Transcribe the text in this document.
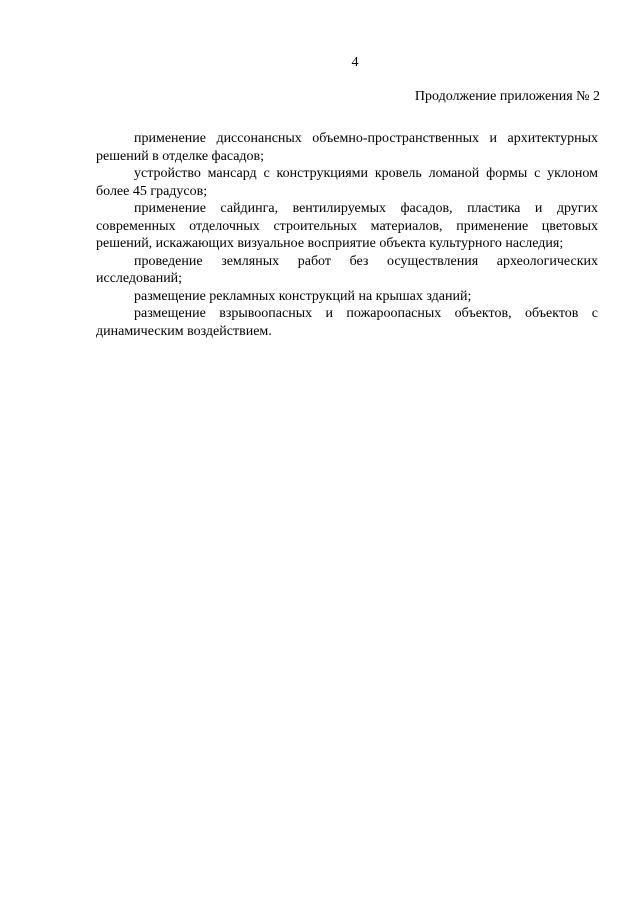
4
Продолжение приложения № 2

применение диссонансных объемно-пространственных и архитектурных решений в отделке фасадов;

устройство мансард с конструкциями кровель ломаной формы с уклоном более 45 градусов;

применение сайдинга, вентилируемых фасадов, пластика и других современных отделочных строительных материалов, применение цветовых решений, искажающих визуальное восприятие объекта культурного наследия;

проведение земляных работ без осуществления археологических исследований;

размещение рекламных конструкций на крышах зданий;

размещение взрывоопасных и пожароопасных объектов, объектов с динамическим воздействием.
